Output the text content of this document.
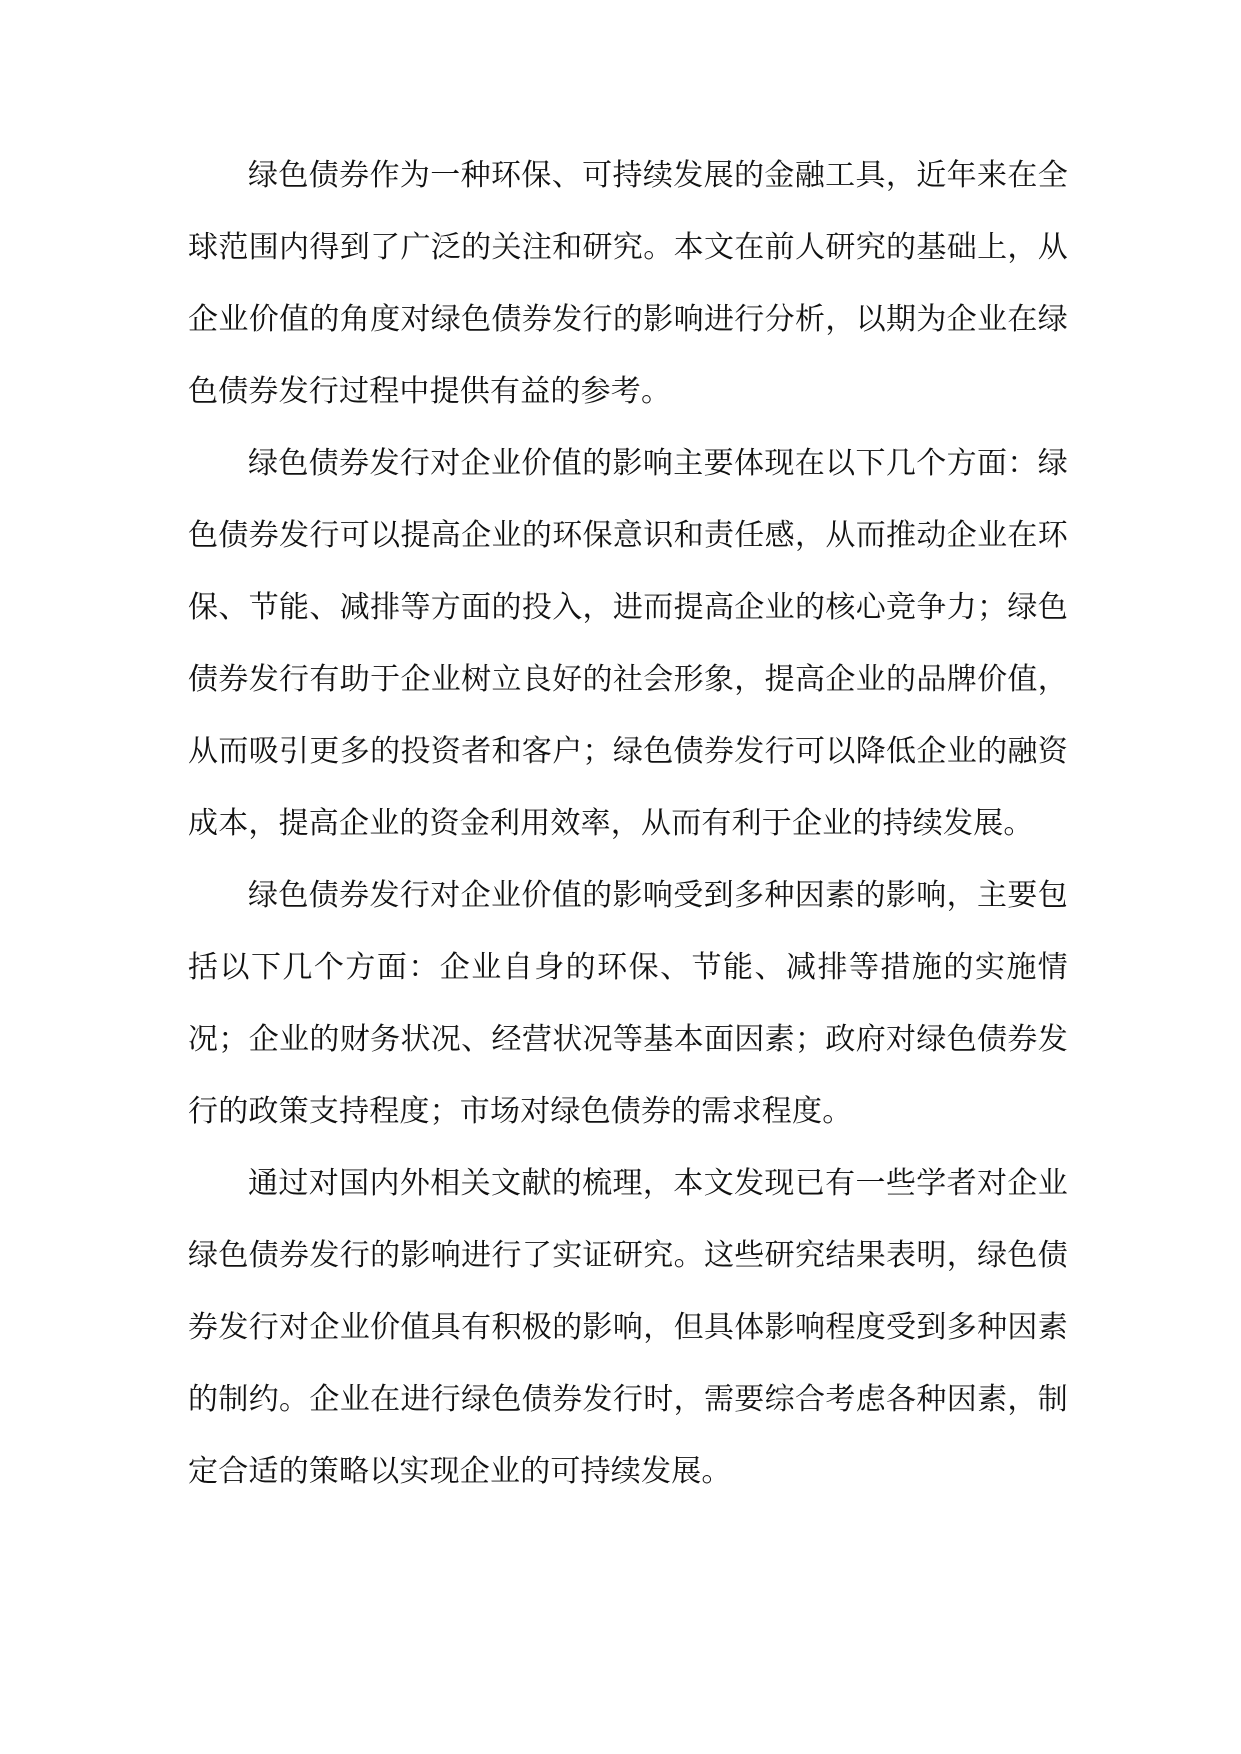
绿色债券作为一种环保、可持续发展的金融工具，近年来在全球范围内得到了广泛的关注和研究。本文在前人研究的基础上，从企业价值的角度对绿色债券发行的影响进行分析，以期为企业在绿色债券发行过程中提供有益的参考。

绿色债券发行对企业价值的影响主要体现在以下几个方面：绿色债券发行可以提高企业的环保意识和责任感，从而推动企业在环保、节能、减排等方面的投入，进而提高企业的核心竞争力；绿色债券发行有助于企业树立良好的社会形象，提高企业的品牌价值，从而吸引更多的投资者和客户；绿色债券发行可以降低企业的融资成本，提高企业的资金利用效率，从而有利于企业的持续发展。

绿色债券发行对企业价值的影响受到多种因素的影响，主要包括以下几个方面：企业自身的环保、节能、减排等措施的实施情况；企业的财务状况、经营状况等基本面因素；政府对绿色债券发行的政策支持程度；市场对绿色债券的需求程度。

通过对国内外相关文献的梳理，本文发现已有一些学者对企业绿色债券发行的影响进行了实证研究。这些研究结果表明，绿色债券发行对企业价值具有积极的影响，但具体影响程度受到多种因素的制约。企业在进行绿色债券发行时，需要综合考虑各种因素，制定合适的策略以实现企业的可持续发展。
